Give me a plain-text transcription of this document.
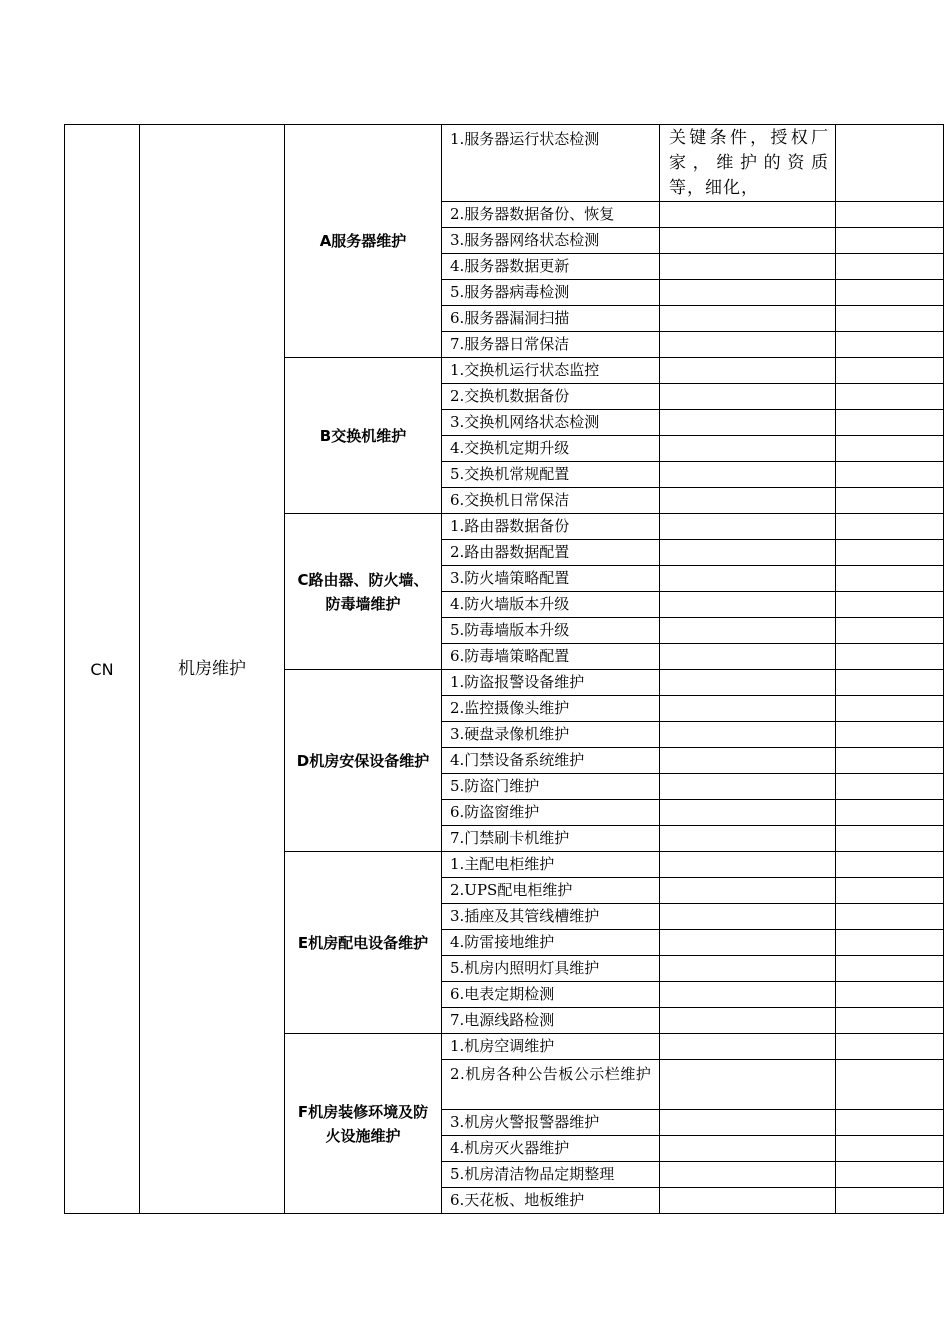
CN	机房维护	A服务器维护	1.服务器运行状态检测	关键条件，授权厂家，维护的资质等，细化，	
			2.服务器数据备份、恢复		
			3.服务器网络状态检测		
			4.服务器数据更新		
			5.服务器病毒检测		
			6.服务器漏洞扫描		
			7.服务器日常保洁		
		B交换机维护	1.交换机运行状态监控		
			2.交换机数据备份		
			3.交换机网络状态检测		
			4.交换机定期升级		
			5.交换机常规配置		
			6.交换机日常保洁		
		C路由器、防火墙、防毒墙维护	1.路由器数据备份		
			2.路由器数据配置		
			3.防火墙策略配置		
			4.防火墙版本升级		
			5.防毒墙版本升级		
			6.防毒墙策略配置		
		D机房安保设备维护	1.防盗报警设备维护		
			2.监控摄像头维护		
			3.硬盘录像机维护		
			4.门禁设备系统维护		
			5.防盗门维护		
			6.防盗窗维护		
			7.门禁刷卡机维护		
		E机房配电设备维护	1.主配电柜维护		
			2.UPS配电柜维护		
			3.插座及其管线槽维护		
			4.防雷接地维护		
			5.机房内照明灯具维护		
			6.电表定期检测		
			7.电源线路检测		
		F机房装修环境及防火设施维护	1.机房空调维护		
			2.机房各种公告板公示栏维护		
			3.机房火警报警器维护		
			4.机房灭火器维护		
			5.机房清洁物品定期整理		
			6.天花板、地板维护		
